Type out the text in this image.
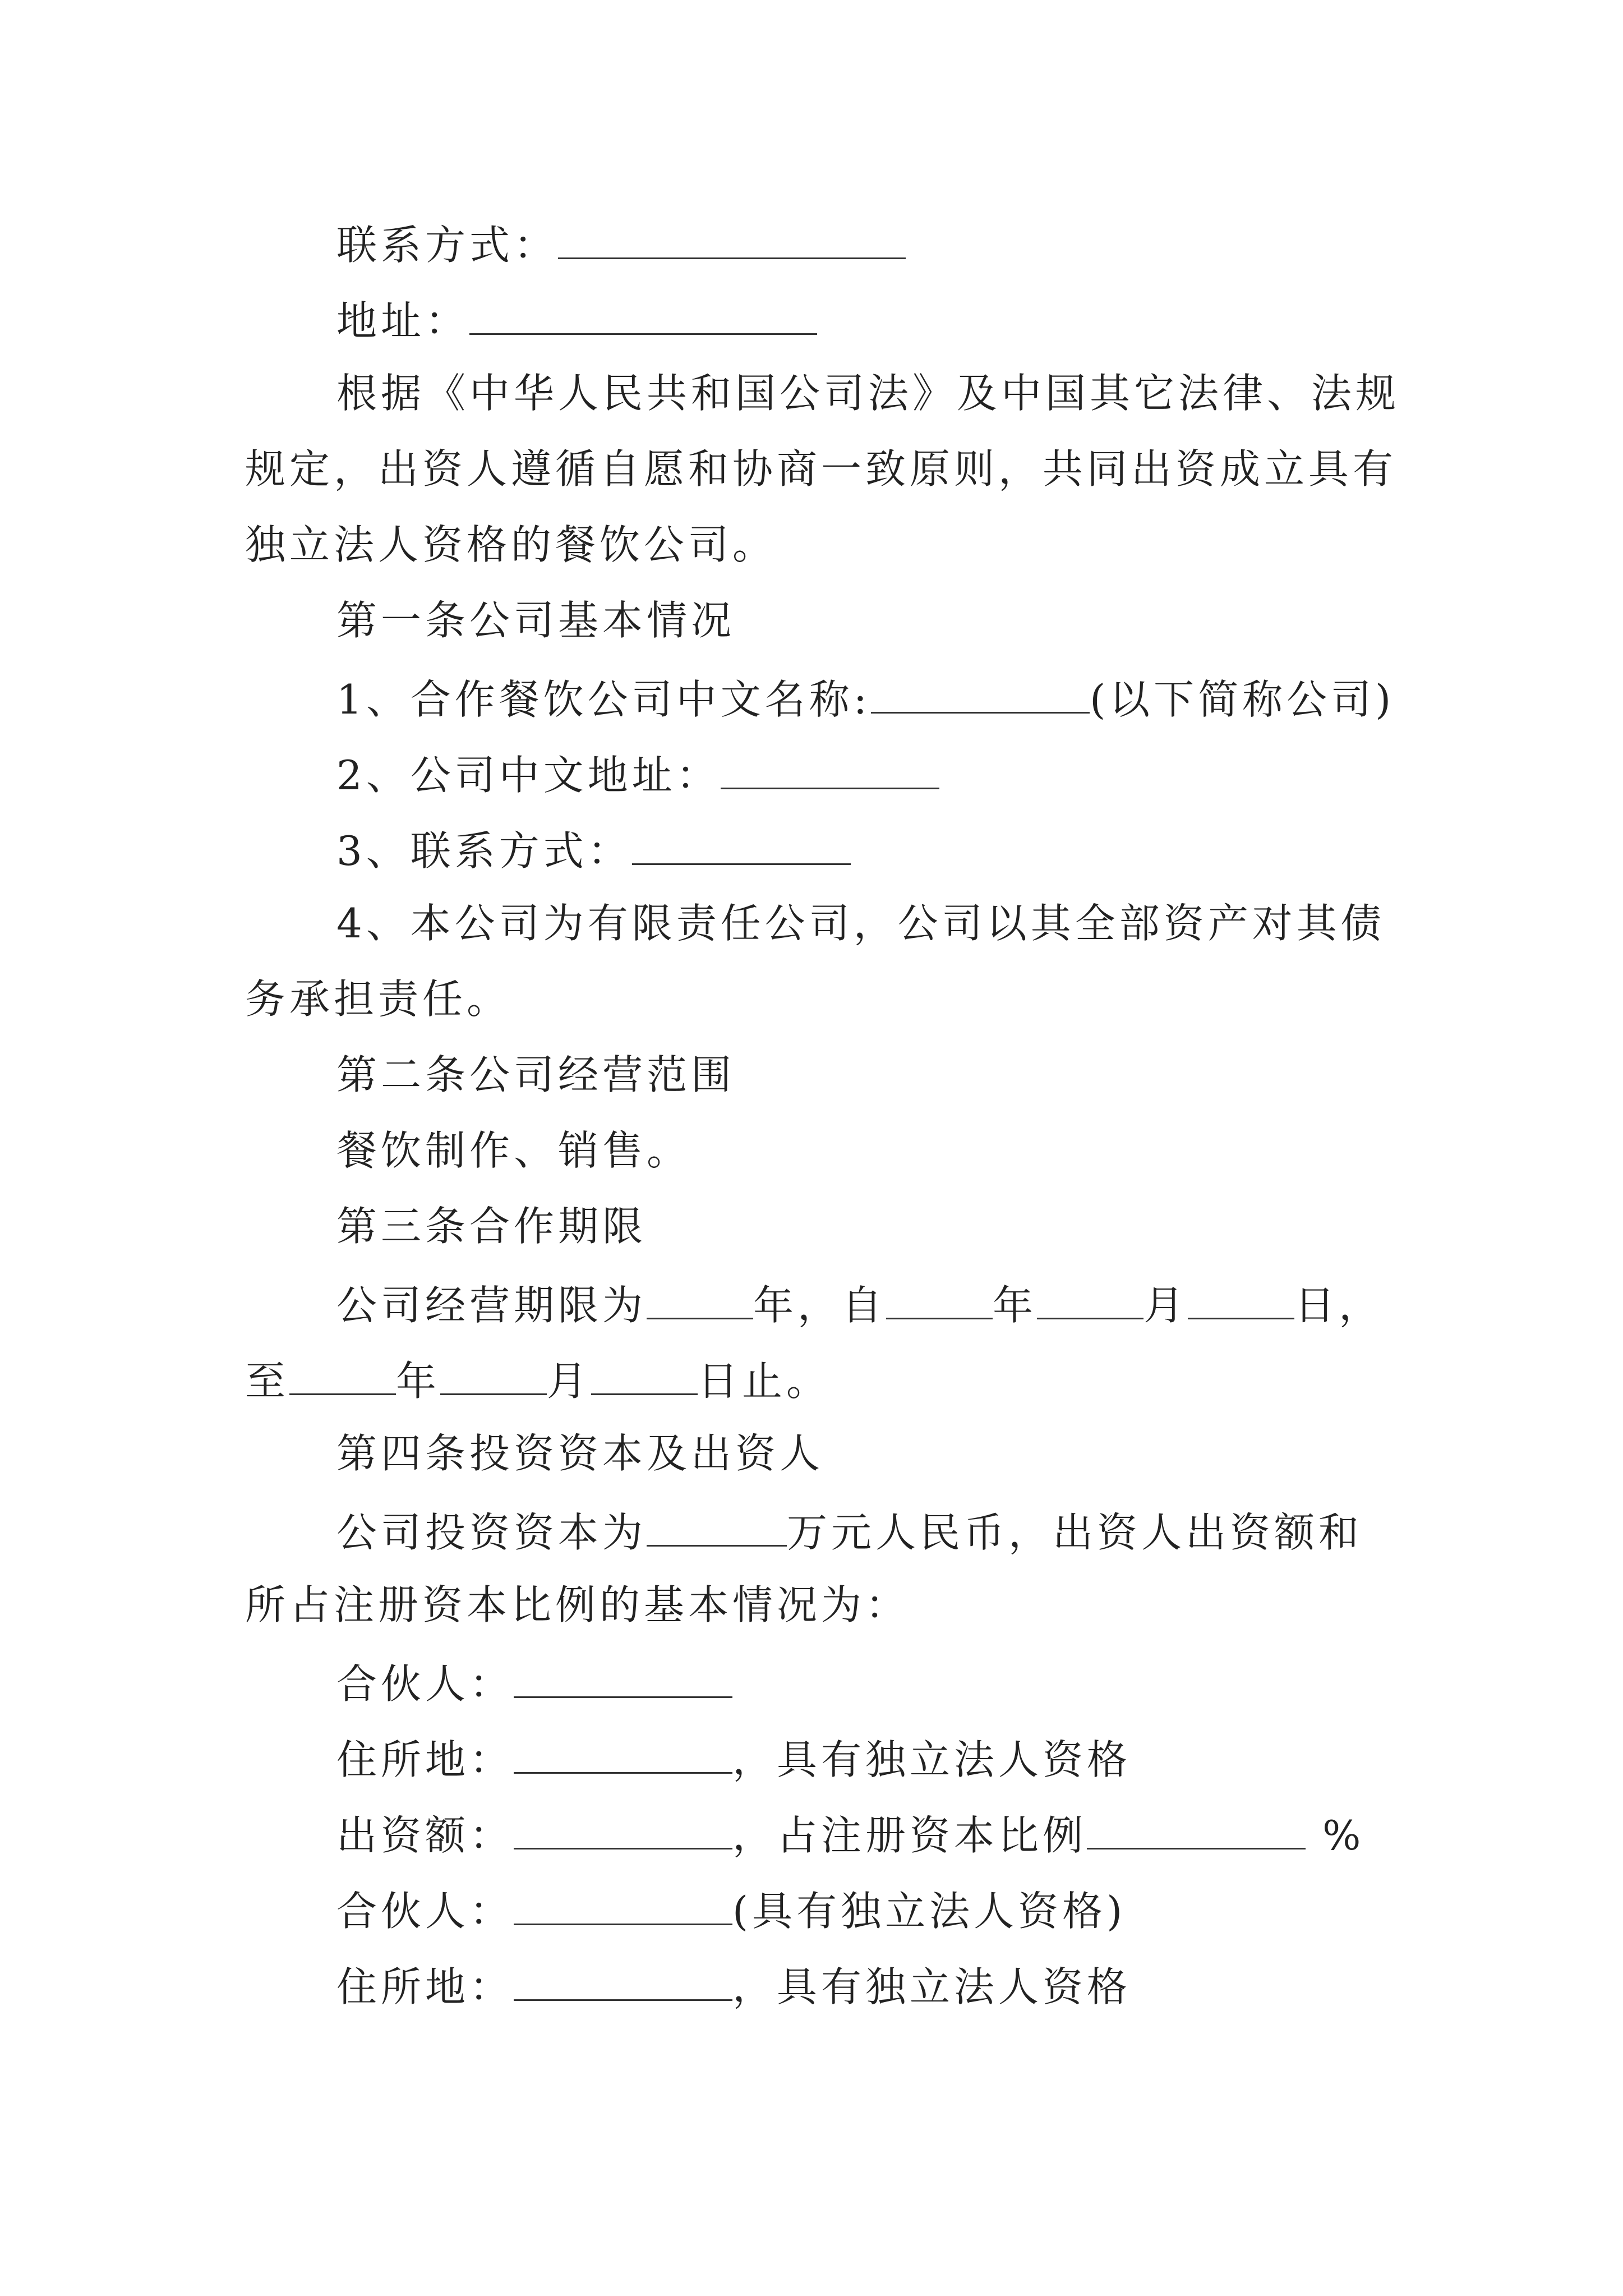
联系方式：
地址：
根据《中华人民共和国公司法》及中国其它法律、法规
规定，出资人遵循自愿和协商一致原则，共同出资成立具有
独立法人资格的餐饮公司。
第一条公司基本情况
1、合作餐饮公司中文名称:	(以下简称公司)
2、公司中文地址：
3、联系方式：
4、本公司为有限责任公司，公司以其全部资产对其债
务承担责任。
第二条公司经营范围
餐饮制作、销售。
第三条合作期限
公司经营期限为	年，自	年	月	日，
至	年	月	日止。
第四条投资资本及出资人
公司投资资本为	万元人民币，出资人出资额和
所占注册资本比例的基本情况为：
合伙人：
住所地：	，具有独立法人资格
出资额：	，占注册资本比例	%
合伙人：	(具有独立法人资格)
住所地：	，具有独立法人资格
